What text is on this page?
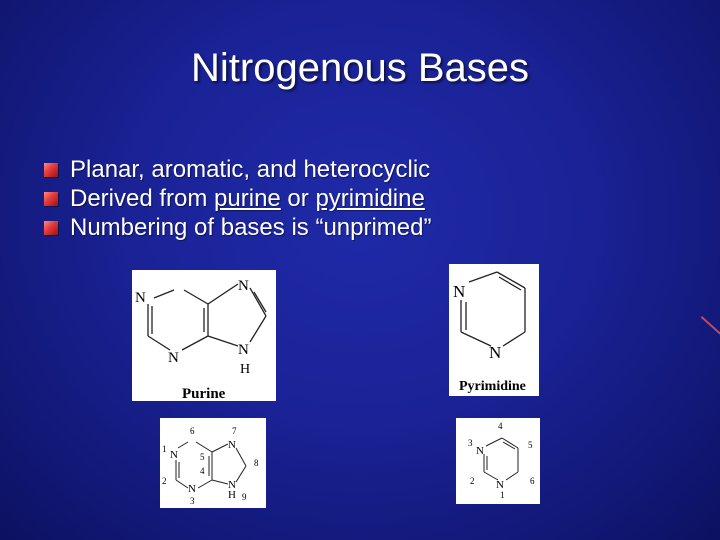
Nitrogenous Bases
Planar, aromatic, and heterocyclic
Derived from purine or pyrimidine
Numbering of bases is “unprimed”
N
N
N
N
H
Purine
N
N
Pyrimidine
N
N
N
N
H
1
2
3
4
5
6	7
8
9
N
N
1
2
3
4
5
6
